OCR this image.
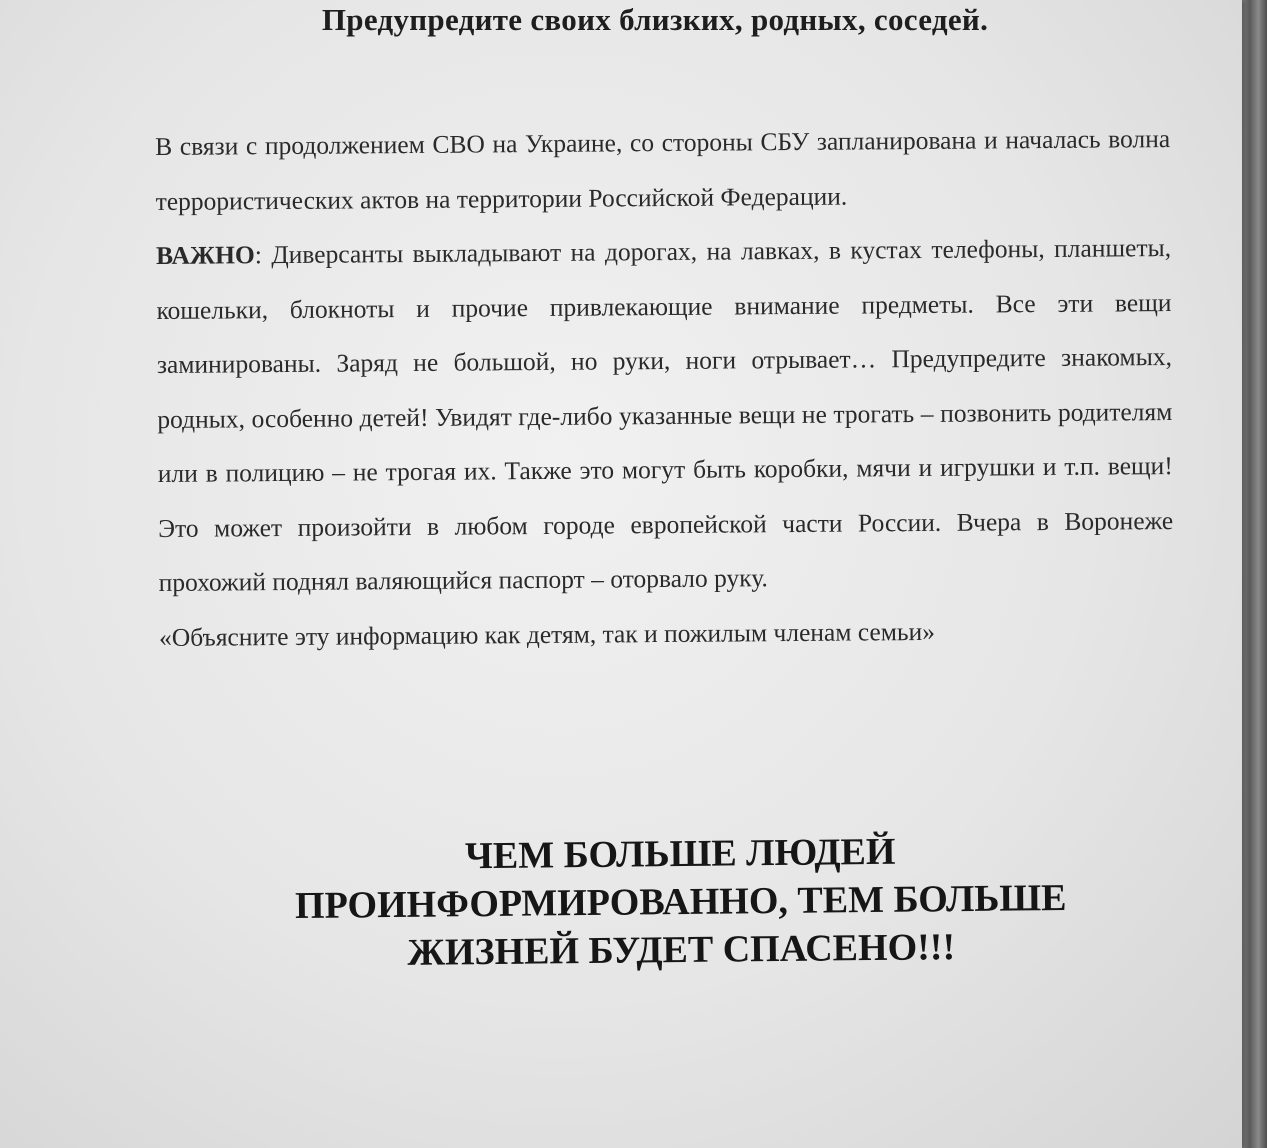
Предупредите своих близких, родных, соседей.

В связи с продолжением СВО на Украине, со стороны СБУ запланирована и началась волна террористических актов на территории Российской Федерации.

ВАЖНО: Диверсанты выкладывают на дорогах, на лавках, в кустах телефоны, планшеты, кошельки, блокноты и прочие привлекающие внимание предметы. Все эти вещи заминированы. Заряд не большой, но руки, ноги отрывает… Предупредите знакомых, родных, особенно детей! Увидят где-либо указанные вещи не трогать – позвонить родителям или в полицию – не трогая их. Также это могут быть коробки, мячи и игрушки и т.п. вещи! Это может произойти в любом городе европейской части России. Вчера в Воронеже прохожий поднял валяющийся паспорт – оторвало руку.

«Объясните эту информацию как детям, так и пожилым членам семьи»

ЧЕМ БОЛЬШЕ ЛЮДЕЙ
ПРОИНФОРМИРОВАННО, ТЕМ БОЛЬШЕ
ЖИЗНЕЙ БУДЕТ СПАСЕНО!!!
